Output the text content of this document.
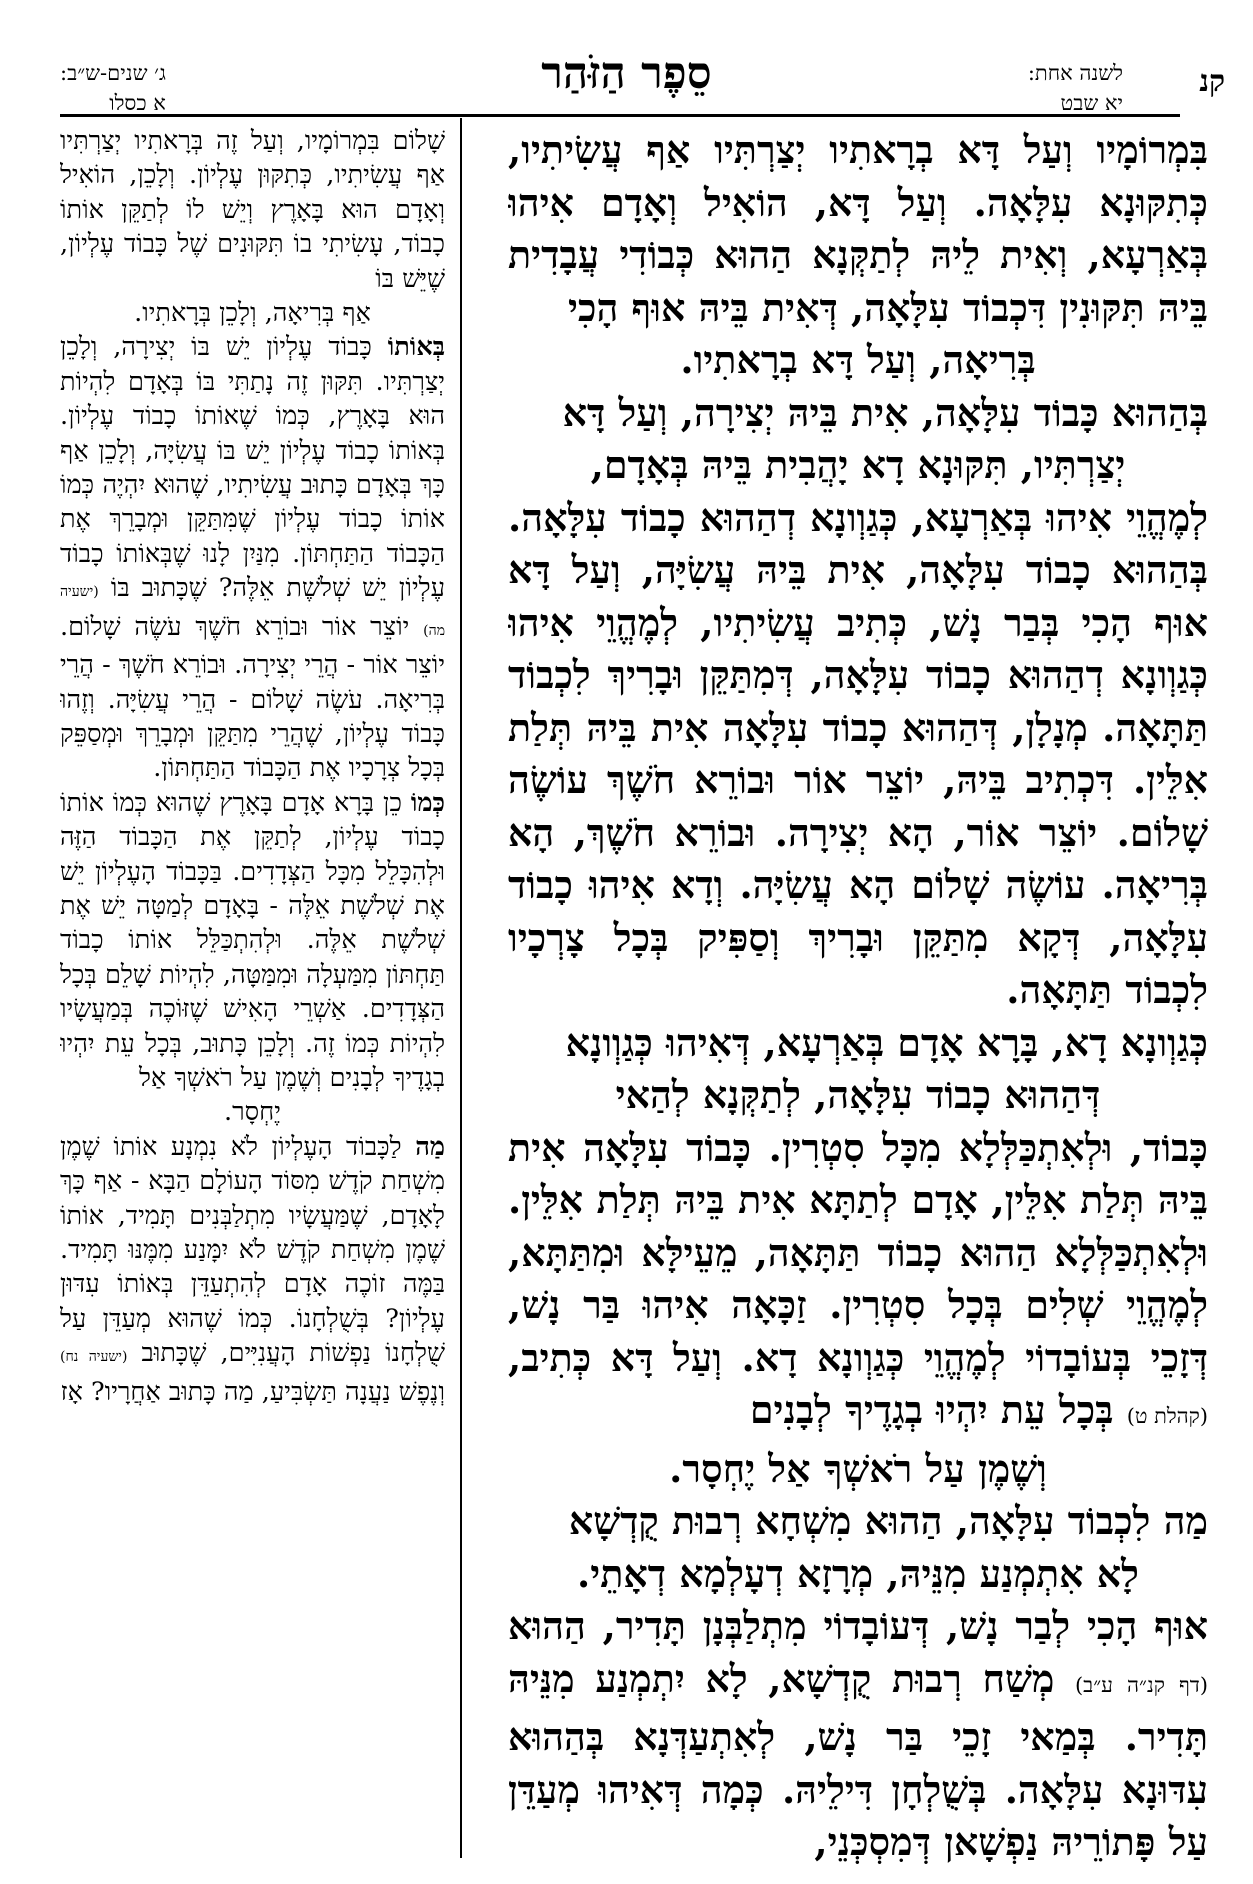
קנ
לשנה אחת:
יא שבט
סֵפֶר הַזֹּהַר
ג׳ שנים-ש״ב:
א כסלו

בִּמְרוֹמָיו וְעַל דָּא בְרָאתִיו יְצַרְתִּיו אַף עֲשִׂיתִיו, כְּתִקּוּנָא עִלָּאָה. וְעַל דָּא, הוֹאִיל וְאָדָם אִיהוּ בְּאַרְעָא, וְאִית לֵיהּ לְתַקְּנָא הַהוּא כְּבוֹדִי עֲבָדִית בֵּיהּ תִּקּוּנִין דִּכְבוֹד עִלָּאָה, דְּאִית בֵּיהּ אוּף הָכִי

בְּרִיאָה, וְעַל דָּא בְרָאתִיו.

בְּהַהוּא כָּבוֹד עִלָּאָה, אִית בֵּיהּ יְצִירָה, וְעַל דָּא

יְצַרְתִּיו, תִּקּוּנָא דָא יָהֲבִית בֵּיהּ בְּאָדָם,

לְמֶהֱוֵי אִיהוּ בְּאַרְעָא, כְּגַוְונָא דְהַהוּא כָבוֹד עִלָּאָה. בְּהַהוּא כָבוֹד עִלָּאָה, אִית בֵּיהּ עֲשִׂיָּה, וְעַל דָּא אוּף הָכִי בְּבַר נָשׁ, כְּתִיב עֲשִׂיתִיו, לְמֶהֱוֵי אִיהוּ כְּגַוְונָא דְהַהוּא כָבוֹד עִלָּאָה, דְּמִתַּקֵּן וּבָרִיךְ לִכְבוֹד תַּתָּאָה. מְנָלָן, דְּהַהוּא כָבוֹד עִלָּאָה אִית בֵּיהּ תְּלַת אִלֵּין. דִּכְתִיב בֵּיהּ, יוֹצֵר אוֹר וּבוֹרֵא חֹשֶׁךְ עוֹשֶׂה שָׁלוֹם. יוֹצֵר אוֹר, הָא יְצִירָה. וּבוֹרֵא חֹשֶׁךְ, הָא בְּרִיאָה. עוֹשֶׂה שָׁלוֹם הָא עֲשִׂיָּה. וְדָא אִיהוּ כָבוֹד עִלָּאָה, דְּקָא מִתַּקֵּן וּבָרִיךְ וְסַפִּיק בְּכָל צָרְכָיו לִכְבוֹד תַּתָּאָה.

כְּגַוְונָא דָא, בָּרָא אָדָם בְּאַרְעָא, דְּאִיהוּ כְּגַוְונָא

דְּהַהוּא כָבוֹד עִלָּאָה, לְתַקְּנָא לְהַאי

כָּבוֹד, וּלְאִתְכַּלְּלָא מִכָּל סִטְרִין. כָּבוֹד עִלָּאָה אִית בֵּיהּ תְּלַת אִלֵּין, אָדָם לְתַתָּא אִית בֵּיהּ תְּלַת אִלֵּין. וּלְאִתְכַּלְּלָא הַהוּא כָבוֹד תַּתָּאָה, מֵעֵילָּא וּמִתַּתָּא, לְמֶהֱוֵי שְׁלִים בְּכָל סִטְרִין. זַכָּאָה אִיהוּ בַּר נָשׁ, דְּזָכֵי בְּעוֹבָדוֹי לְמֶהֱוֵי כְּגַוְונָא דָא. וְעַל דָּא כְּתִיב, (קהלת ט) בְּכָל עֵת יִהְיוּ בְגָדֶיךָ לְבָנִים

וְשֶׁמֶן עַל רֹאשְׁךָ אַל יֶחְסָר.

מַה לִכְבוֹד עִלָּאָה, הַהוּא מִשְׁחָא רְבוּת קֻדְשָׁא

לָא אִתְמְנַע מִנֵּיהּ, מְרָזָא דְעָלְמָא דְאָתֵי.

אוּף הָכִי לְבַר נָשׁ, דְּעוֹבָדוֹי מִתְלַבְּנָן תָּדִיר, הַהוּא (דף קנ״ה ע״ב) מְשַׁח רְבוּת קֻדְשָׁא, לָא יִתְמְנַע מִנֵּיהּ תָּדִיר. בְּמַאי זָכֵי בַּר נָשׁ, לְאִתְעַדְּנָא בְּהַהוּא עִדּוּנָא עִלָּאָה. בְּשֻׁלְחָן דִּילֵיהּ. כְּמָה דְּאִיהוּ מְעַדֵּן עַל פָּתוֹרֵיהּ נַפְשָׁאן דְּמִסְכְּנֵי,

שָׁלוֹם בִּמְרוֹמָיו, וְעַל זֶה בְּרָאתִיו יְצַרְתִּיו אַף עֲשִׂיתִיו, כְּתִקּוּן עֶלְיוֹן. וְלָכֵן, הוֹאִיל וְאָדָם הוּא בָּאָרֶץ וְיֵשׁ לוֹ לְתַקֵּן אוֹתוֹ כָבוֹד, עָשִׂיתִי בוֹ תִּקּוּנִים שֶׁל כָּבוֹד עֶלְיוֹן, שֶׁיֵּשׁ בּוֹ

אַף בְּרִיאָה, וְלָכֵן בְּרָאתִיו.

בְּאוֹתוֹ כָּבוֹד עֶלְיוֹן יֵשׁ בּוֹ יְצִירָה, וְלָכֵן יְצַרְתִּיו. תִּקּוּן זֶה נָתַתִּי בּוֹ בְּאָדָם לִהְיוֹת הוּא בָּאָרֶץ, כְּמוֹ שֶׁאוֹתוֹ כָבוֹד עֶלְיוֹן. בְּאוֹתוֹ כָבוֹד עֶלְיוֹן יֵשׁ בּוֹ עֲשִׂיָּה, וְלָכֵן אַף כָּךְ בְּאָדָם כָּתוּב עֲשִׂיתִיו, שֶׁהוּא יִהְיֶה כְּמוֹ אוֹתוֹ כָבוֹד עֶלְיוֹן שֶׁמִּתַּקֵּן וּמְבָרֵךְ אֶת הַכָּבוֹד הַתַּחְתּוֹן. מִנַּיִן לָנוּ שֶׁבְּאוֹתוֹ כָבוֹד עֶלְיוֹן יֵשׁ שְׁלֹשֶׁת אֵלֶּה? שֶׁכָּתוּב בּוֹ (ישעיה מה) יוֹצֵר אוֹר וּבוֹרֵא חֹשֶׁךְ עֹשֶׂה שָׁלוֹם. יוֹצֵר אוֹר - הֲרֵי יְצִירָה. וּבוֹרֵא חֹשֶׁךְ - הֲרֵי בְּרִיאָה. עֹשֶׂה שָׁלוֹם - הֲרֵי עֲשִׂיָּה. וְזֶהוּ כָּבוֹד עֶלְיוֹן, שֶׁהֲרֵי מִתַּקֵּן וּמְבָרֵךְ וּמְסַפֵּק בְּכָל צְרָכָיו אֶת הַכָּבוֹד הַתַּחְתּוֹן.

כְּמוֹ כֵן בָּרָא אָדָם בָּאָרֶץ שֶׁהוּא כְּמוֹ אוֹתוֹ כָבוֹד עֶלְיוֹן, לְתַקֵּן אֶת הַכָּבוֹד הַזֶּה וּלְהִכָּלֵל מִכָּל הַצְּדָדִים. בַּכָּבוֹד הָעֶלְיוֹן יֵשׁ אֶת שְׁלֹשֶׁת אֵלֶּה - בָּאָדָם לְמַטָּה יֵשׁ אֶת שְׁלֹשֶׁת אֵלֶּה. וּלְהִתְכַּלֵּל אוֹתוֹ כָבוֹד תַּחְתּוֹן מִמַּעְלָה וּמִמַּטָּה, לִהְיוֹת שָׁלֵם בְּכָל הַצְּדָדִים. אַשְׁרֵי הָאִישׁ שֶׁזּוֹכֶה בְּמַעֲשָׂיו לִהְיוֹת כְּמוֹ זֶה. וְלָכֵן כָּתוּב, בְּכָל עֵת יִהְיוּ בְגָדֶיךָ לְבָנִים וְשֶׁמֶן עַל רֹאשְׁךָ אַל

יֶחְסָר.

מַה לַכָּבוֹד הָעֶלְיוֹן לֹא נִמְנָע אוֹתוֹ שֶׁמֶן מִשְׁחַת קֹדֶשׁ מִסּוֹד הָעוֹלָם הַבָּא - אַף כָּךְ לָאָדָם, שֶׁמַּעֲשָׂיו מִתְלַבְּנִים תָּמִיד, אוֹתוֹ שֶׁמֶן מִשְׁחַת קֹדֶשׁ לֹא יִמָּנַע מִמֶּנּוּ תָּמִיד. בַּמֶּה זוֹכֶה אָדָם לְהִתְעַדֵּן בְּאוֹתוֹ עִדּוּן עֶלְיוֹן? בְּשֻׁלְחָנוֹ. כְּמוֹ שֶׁהוּא מְעַדֵּן עַל שֻׁלְחָנוֹ נַפְשׁוֹת הָעֲנִיִּים, שֶׁכָּתוּב (ישעיה נח) וְנֶפֶשׁ נַעֲנָה תַּשְׂבִּיעַ, מַה כָּתוּב אַחֲרָיו? אָז
